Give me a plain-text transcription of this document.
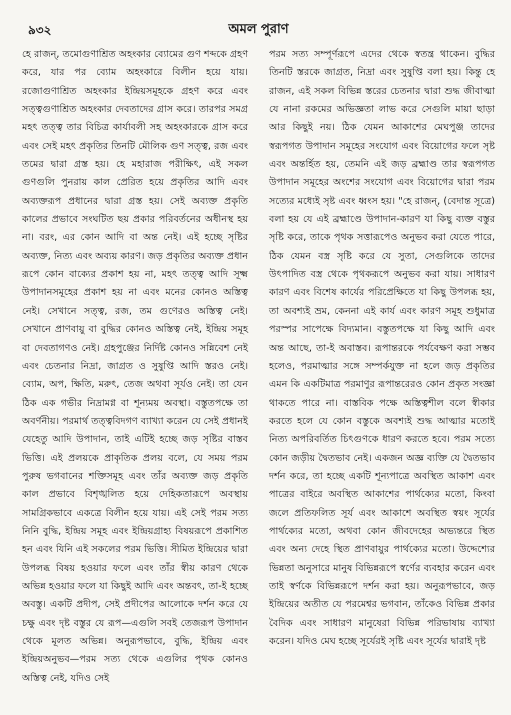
৯৩২	অমল পুরাণ

হে রাজন্, তমোগুণাশ্রিত অহংকার ব্যোমের গুণ শব্দকে গ্রহণ করে, যার পর ব্যোম অহংকারে বিলীন হয়ে যায়। রজোগুণাশ্রিত অহংকার ইন্দ্রিয়সমূহকে গ্রহণ করে এবং সত্ত্বগুণাশ্রিত অহংকার দেবতাদের গ্রাস করে। তারপর সমগ্র মহৎ তত্ত্ব তার বিচিত্র কার্যাবলী সহ অহংকারকে গ্রাস করে এবং সেই মহৎ প্রকৃতির তিনটি মৌলিক গুণ সত্ত্ব, রজ এবং তমের দ্বারা গ্রস্ত হয়। হে মহারাজ পরীক্ষিৎ, এই সকল গুণগুলি পুনরায় কাল প্রেরিত হয়ে প্রকৃতির আদি এবং অব্যক্তরূপ প্রধানের দ্বারা গ্রস্ত হয়। সেই অব্যক্ত প্রকৃতি কালের প্রভাবে সংঘটিত ছয় প্রকার পরিবর্তনের অধীনস্থ হয় না। বরং, এর কোন আদি বা অন্ত নেই। এই হচ্ছে সৃষ্টির অব্যক্ত, নিত্য এবং অব্যয় কারণ। জড় প্রকৃতির অব্যক্ত প্রধান রূপে কোন বাক্যের প্রকাশ হয় না, মহৎ তত্ত্ব আদি সূক্ষ্ম উপাদানসমূহের প্রকাশ হয় না এবং মনের কোনও অস্তিত্ব নেই। সেখানে সত্ত্ব, রজ, তম গুণেরও অস্তিত্ব নেই। সেখানে প্রাণবায়ু বা বুদ্ধির কোনও অস্তিত্ব নেই, ইন্দ্রিয় সমূহ বা দেবতাগণও নেই। গ্রহপুঞ্জের নির্দিষ্ট কোনও সন্নিবেশ নেই এবং চেতনার নিদ্রা, জাগ্রত ও সুষুপ্তি আদি স্তরও নেই। ব্যোম, অপ, ক্ষিতি, মরুৎ, তেজ অথবা সূর্যও নেই। তা যেন ঠিক এক গভীর নিদ্রামগ্ন বা শূন্যময় অবস্থা। বস্তুতপক্ষে তা অবর্ণনীয়। পরমার্থ তত্ত্ববিদগণ ব্যাখ্যা করেন যে সেই প্রধানই যেহেতু আদি উপাদান, তাই এটিই হচ্ছে জড় সৃষ্টির বাস্তব ভিত্তি। এই প্রলয়কে প্রাকৃতিক প্রলয় বলে, যে সময় পরম পুরুষ ভগবানের শক্তিসমূহ এবং তাঁর অব্যক্ত জড় প্রকৃতি কাল প্রভাবে বিশৃঙ্খলিত হয়ে দেহিকতারূপে অবস্থায় সামগ্রিকভাবে একত্রে বিলীন হয়ে যায়। এই সেই পরম সত্য নিনি বুদ্ধি, ইন্দ্রিয় সমূহ এবং ইন্দ্রিয়গ্রাহ্য বিষয়রূপে প্রকাশিত হন এবং যিনি এই সকলের পরম ভিত্তি। সীমিত ইন্দ্রিয়ের দ্বারা উপলব্ধ বিষয় হওয়ার ফলে এবং তাঁর স্বীয় কারণ থেকে অভিন্ন হওয়ার ফলে যা কিছুই আদি এবং অন্তবৎ, তা-ই হচ্ছে অবস্তু। একটি প্রদীপ, সেই প্রদীপের আলোকে দর্শন করে যে চক্ষু এবং দৃষ্ট বস্তুর যে রূপ—এগুলি সবই তেজরূপ উপাদান থেকে মূলত অভিন্ন। অনুরূপভাবে, বুদ্ধি, ইন্দ্রিয় এবং ইন্দ্রিয়অনুভব—পরম সত্য থেকে এগুলির পৃথক কোনও অস্তিত্ব নেই, যদিও সেই

পরম সত্য সম্পূর্ণরূপে এদের থেকে স্বতন্ত্র থাকেন। বুদ্ধির তিনটি স্তরকে জাগ্রত, নিদ্রা এবং সুষুপ্তি বলা হয়। কিন্তু হে রাজন, এই সকল বিভিন্ন স্তরের চেতনার দ্বারা শুদ্ধ জীবাত্মা যে নানা রকমের অভিজ্ঞতা লাভ করে সেগুলি মায়া ছাড়া আর কিছুই নয়। ঠিক যেমন আকাশের মেঘপুঞ্জ তাদের স্বরূপগত উপাদান সমূহের সংযোগ এবং বিয়োগের ফলে সৃষ্ট এবং অন্তর্হিত হয়, তেমনি এই জড় ব্রহ্মাণ্ড তার স্বরূপগত উপাদান সমূহের অংশের সংযোগ এবং বিয়োগের দ্বারা পরম সত্যের মধ্যেই সৃষ্ট এবং ধ্বংস হয়। "হে রাজন্, (বেদান্ত সূত্রে) বলা হয় যে এই ব্রহ্মাণ্ডে উপাদান-কারণ যা কিছু ব্যক্ত বস্তুর সৃষ্টি করে, তাকে পৃথক সত্তারূপেও অনুভব করা যেতে পারে, ঠিক যেমন বস্ত্র সৃষ্টি করে যে সুতা, সেগুলিকে তাদের উৎপাদিত বস্ত্র থেকে পৃথকরূপে অনুভব করা যায়। সাধারণ কারণ এবং বিশেষ কার্যের পরিপ্রেক্ষিতে যা কিছু উপলব্ধ হয়, তা অবশ্যই ভ্রম, কেননা এই কার্য এবং কারণ সমূহ শুধুমাত্র পরস্পর সাপেক্ষে বিদ্যমান। বস্তুতপক্ষে যা কিছু আদি এবং অন্ত আছে, তা-ই অবাস্তব। রূপান্তরকে পর্যবেক্ষণ করা সম্ভব হলেও, পরমাত্মার সঙ্গে সম্পর্কযুক্ত না হলে জড় প্রকৃতির এমন কি একটিমাত্র পরমাণুর রূপান্তরেরও কোন প্রকৃত সংজ্ঞা থাকতে পারে না। বাস্তবিক পক্ষে অস্তিত্বশীল বলে স্বীকার করতে হলে যে কোন বস্তুকে অবশ্যই শুদ্ধ আত্মার মতোই নিত্য অপরিবর্তিত চিৎগুণকে ধারণ করতে হবে। পরম সত্যে কোন জড়ীয় দ্বৈতভাব নেই। একজন অজ্ঞ ব্যক্তি যে দ্বৈতভাব দর্শন করে, তা হচ্ছে একটি শূন্যপাত্রে অবস্থিত আকাশ এবং পাত্রের বাইরে অবস্থিত আকাশের পার্থক্যের মতো, কিংবা জলে প্রতিফলিত সূর্য এবং আকাশে অবস্থিত স্বয়ং সূর্যের পার্থক্যের মতো, অথবা কোন জীবদেহের অভ্যন্তরে স্থিত এবং অন্য দেহে স্থিত প্রাণবায়ুর পার্থক্যের মতো। উদ্দেশ্যের ভিন্নতা অনুসারে মানুষ বিভিন্নরূপে স্বর্ণের ব্যবহার করেন এবং তাই স্বর্ণকে বিভিন্নরূপে দর্শন করা হয়। অনুরূপভাবে, জড় ইন্দ্রিয়ের অতীত যে পরমেশ্বর ভগবান, তাঁকেও বিভিন্ন প্রকার বৈদিক এবং সাধারণ মানুষেরা বিভিন্ন পরিভাষায় ব্যাখ্যা করেন। যদিও মেঘ হচ্ছে সূর্যেরই সৃষ্টি এবং সূর্যের দ্বারাই দৃষ্ট
